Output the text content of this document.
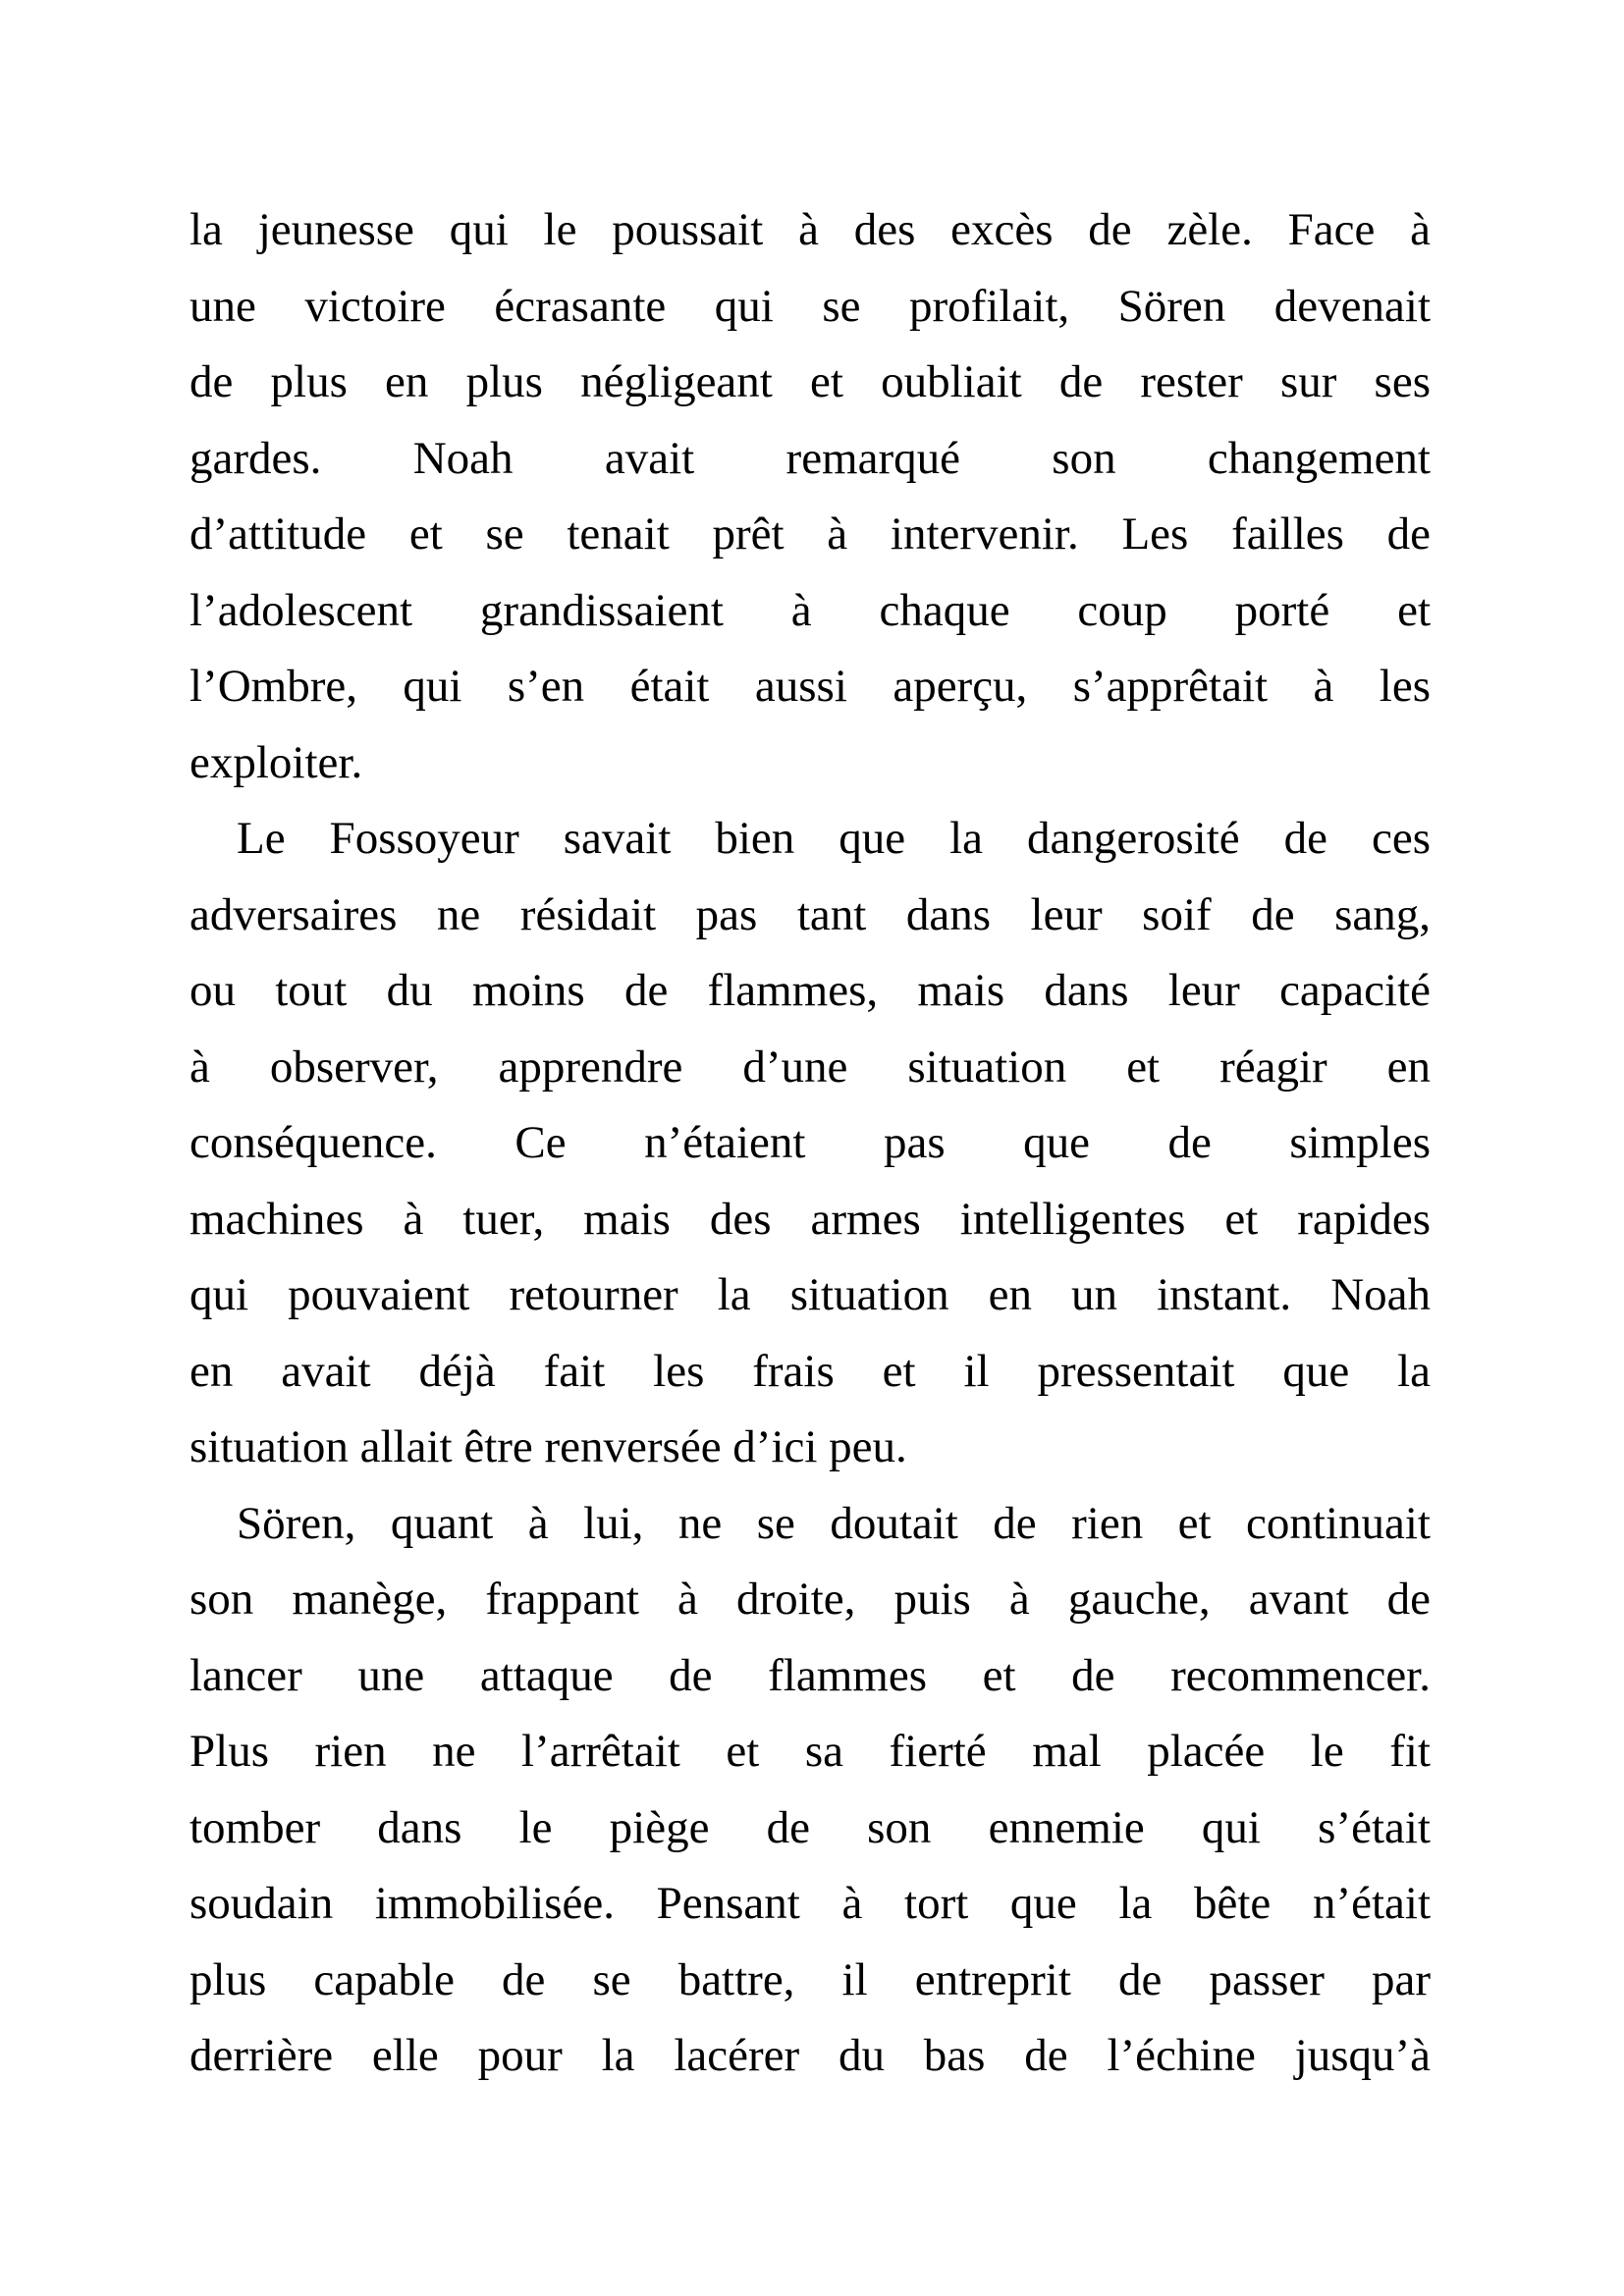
la jeunesse qui le poussait à des excès de zèle. Face à
une victoire écrasante qui se profilait, Sören devenait
de plus en plus négligeant et oubliait de rester sur ses
gardes. Noah avait remarqué son changement
d’attitude et se tenait prêt à intervenir. Les failles de
l’adolescent grandissaient à chaque coup porté et
l’Ombre, qui s’en était aussi aperçu, s’apprêtait à les
exploiter.
Le Fossoyeur savait bien que la dangerosité de ces
adversaires ne résidait pas tant dans leur soif de sang,
ou tout du moins de flammes, mais dans leur capacité
à observer, apprendre d’une situation et réagir en
conséquence. Ce n’étaient pas que de simples
machines à tuer, mais des armes intelligentes et rapides
qui pouvaient retourner la situation en un instant. Noah
en avait déjà fait les frais et il pressentait que la
situation allait être renversée d’ici peu.
Sören, quant à lui, ne se doutait de rien et continuait
son manège, frappant à droite, puis à gauche, avant de
lancer une attaque de flammes et de recommencer.
Plus rien ne l’arrêtait et sa fierté mal placée le fit
tomber dans le piège de son ennemie qui s’était
soudain immobilisée. Pensant à tort que la bête n’était
plus capable de se battre, il entreprit de passer par
derrière elle pour la lacérer du bas de l’échine jusqu’à
